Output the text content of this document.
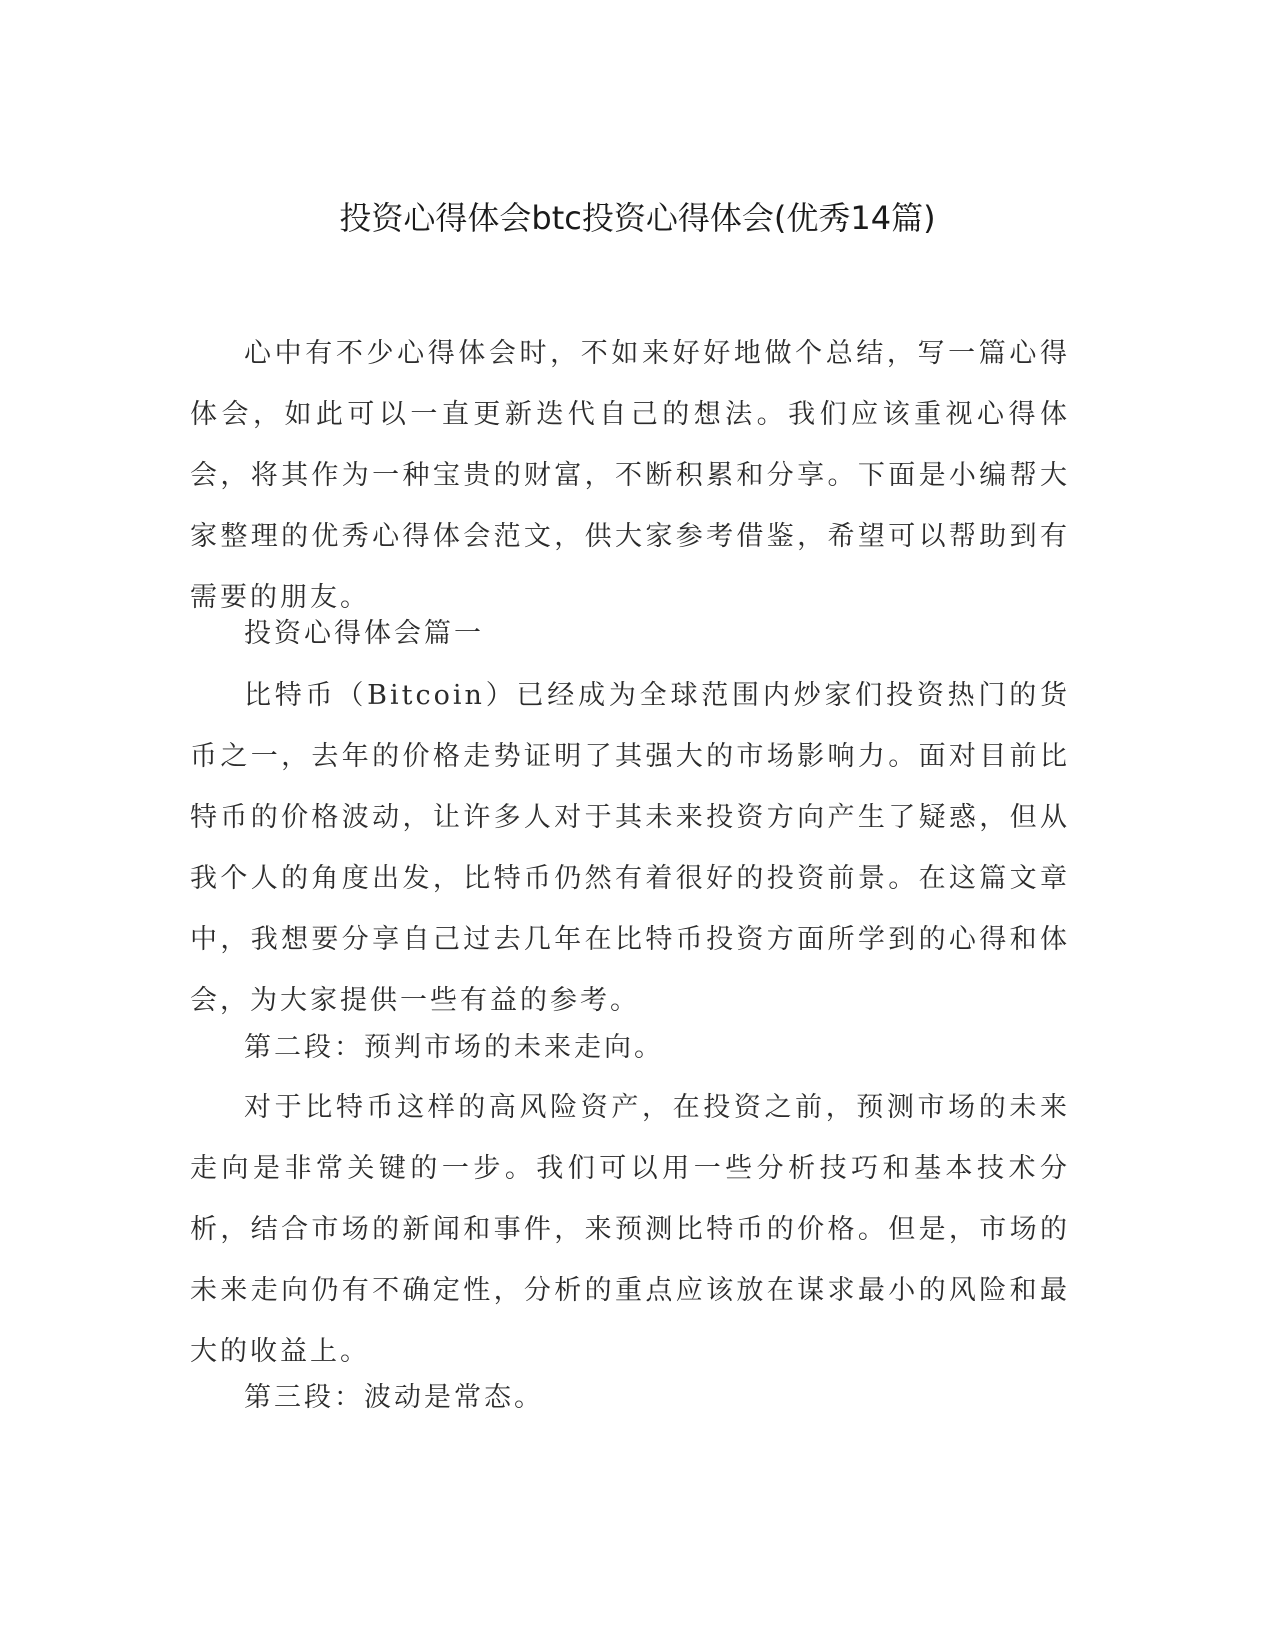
投资心得体会btc投资心得体会(优秀14篇)

心中有不少心得体会时，不如来好好地做个总结，写一篇心得体会，如此可以一直更新迭代自己的想法。我们应该重视心得体会，将其作为一种宝贵的财富，不断积累和分享。下面是小编帮大家整理的优秀心得体会范文，供大家参考借鉴，希望可以帮助到有需要的朋友。

投资心得体会篇一

比特币（Bitcoin）已经成为全球范围内炒家们投资热门的货币之一，去年的价格走势证明了其强大的市场影响力。面对目前比特币的价格波动，让许多人对于其未来投资方向产生了疑惑，但从我个人的角度出发，比特币仍然有着很好的投资前景。在这篇文章中，我想要分享自己过去几年在比特币投资方面所学到的心得和体会，为大家提供一些有益的参考。

第二段：预判市场的未来走向。

对于比特币这样的高风险资产，在投资之前，预测市场的未来走向是非常关键的一步。我们可以用一些分析技巧和基本技术分析，结合市场的新闻和事件，来预测比特币的价格。但是，市场的未来走向仍有不确定性，分析的重点应该放在谋求最小的风险和最大的收益上。

第三段：波动是常态。
